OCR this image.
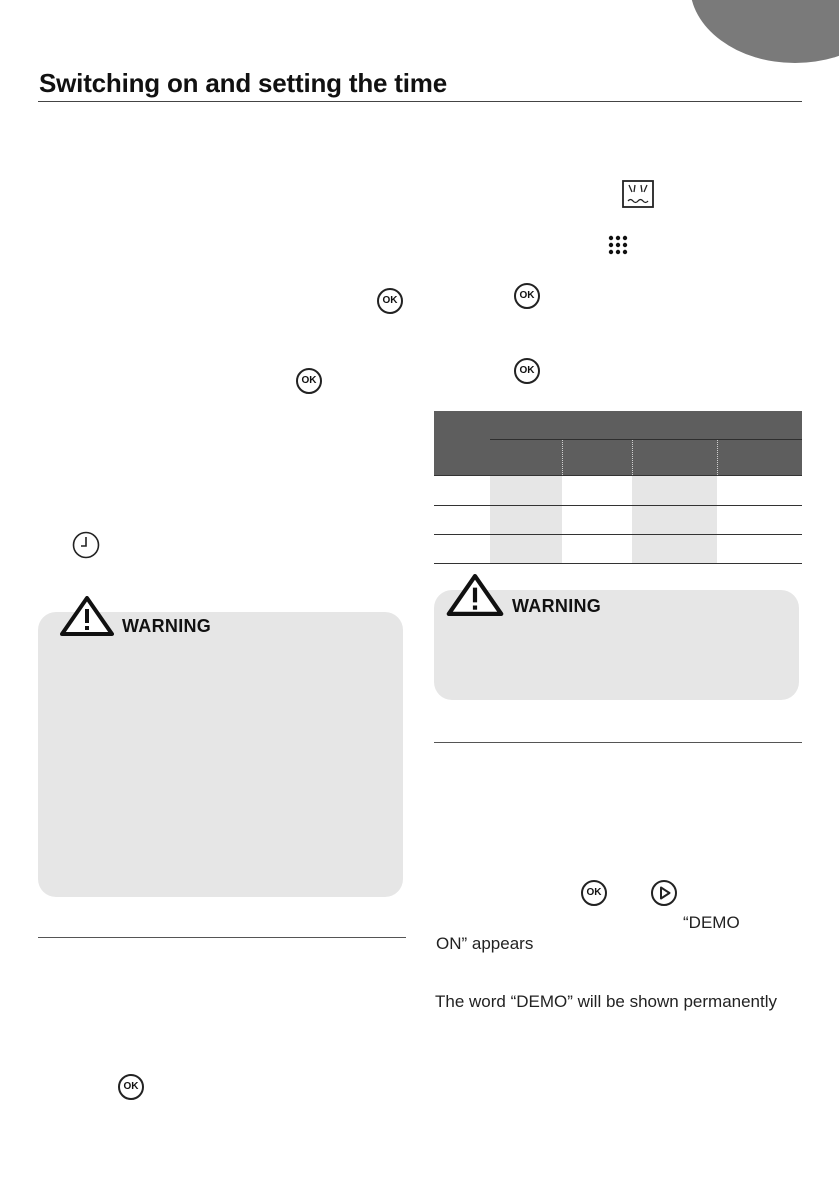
Switching on and setting the time
OK
OK
WARNING
OK
OK
OK

WARNING
OK

“DEMO

ON” appears

The word “DEMO” will be shown permanently
